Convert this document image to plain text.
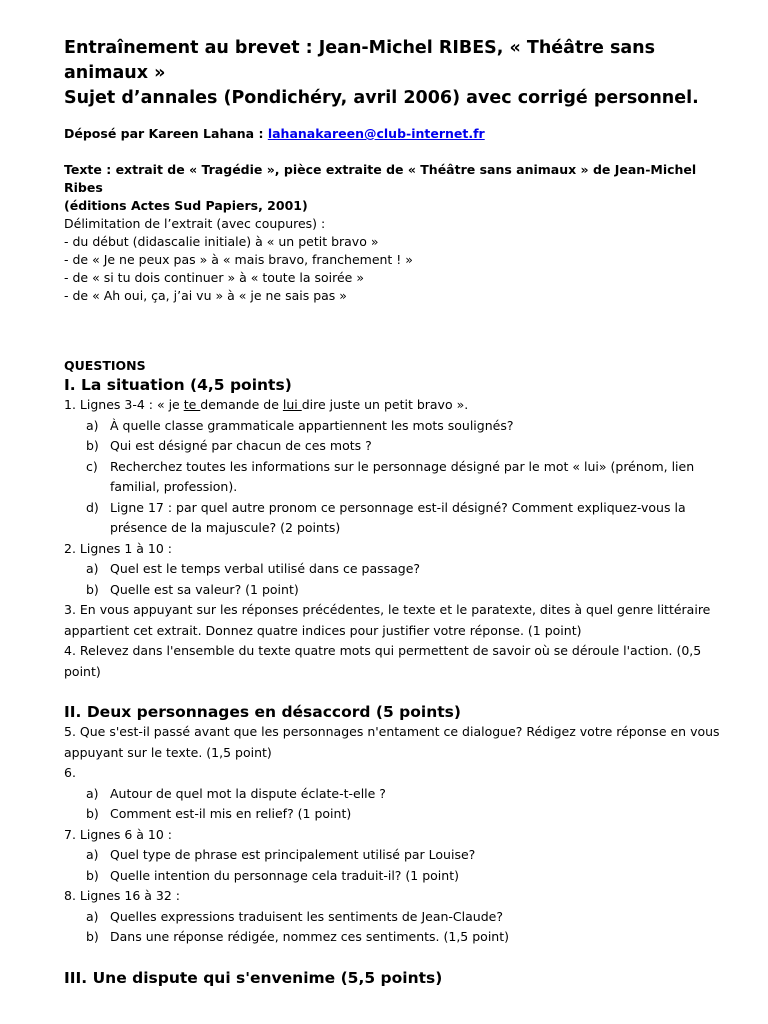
Entraînement au brevet : Jean-Michel RIBES, « Théâtre sans animaux »
Sujet d’annales (Pondichéry, avril 2006) avec corrigé personnel.
Déposé par Kareen Lahana : lahanakareen@club-internet.fr
Texte : extrait de « Tragédie », pièce extraite de « Théâtre sans animaux » de Jean-Michel Ribes
(éditions Actes Sud Papiers, 2001)
Délimitation de l’extrait (avec coupures) :
- du début (didascalie initiale) à « un petit bravo »
- de « Je ne peux pas » à « mais bravo, franchement ! »
- de « si tu dois continuer » à « toute la soirée »
- de « Ah oui, ça, j’ai vu » à « je ne sais pas »
QUESTIONS
I. La situation (4,5 points)
1. Lignes 3-4 : « je te demande de lui dire juste un petit bravo ».
a) À quelle classe grammaticale appartiennent les mots soulignés?
b) Qui est désigné par chacun de ces mots ?
c) Recherchez toutes les informations sur le personnage désigné par le mot « lui» (prénom, lien familial, profession).
d) Ligne 17 : par quel autre pronom ce personnage est-il désigné? Comment expliquez-vous la présence de la majuscule? (2 points)
2. Lignes 1 à 10 :
a) Quel est le temps verbal utilisé dans ce passage?
b) Quelle est sa valeur? (1 point)
3. En vous appuyant sur les réponses précédentes, le texte et le paratexte, dites à quel genre littéraire appartient cet extrait. Donnez quatre indices pour justifier votre réponse. (1 point)
4. Relevez dans l'ensemble du texte quatre mots qui permettent de savoir où se déroule l'action. (0,5 point)
II. Deux personnages en désaccord (5 points)
5. Que s'est-il passé avant que les personnages n'entament ce dialogue? Rédigez votre réponse en vous appuyant sur le texte. (1,5 point)
6.
a) Autour de quel mot la dispute éclate-t-elle ?
b) Comment est-il mis en relief? (1 point)
7. Lignes 6 à 10 :
a) Quel type de phrase est principalement utilisé par Louise?
b) Quelle intention du personnage cela traduit-il? (1 point)
8. Lignes 16 à 32 :
a) Quelles expressions traduisent les sentiments de Jean-Claude?
b) Dans une réponse rédigée, nommez ces sentiments. (1,5 point)
III. Une dispute qui s'envenime (5,5 points)
